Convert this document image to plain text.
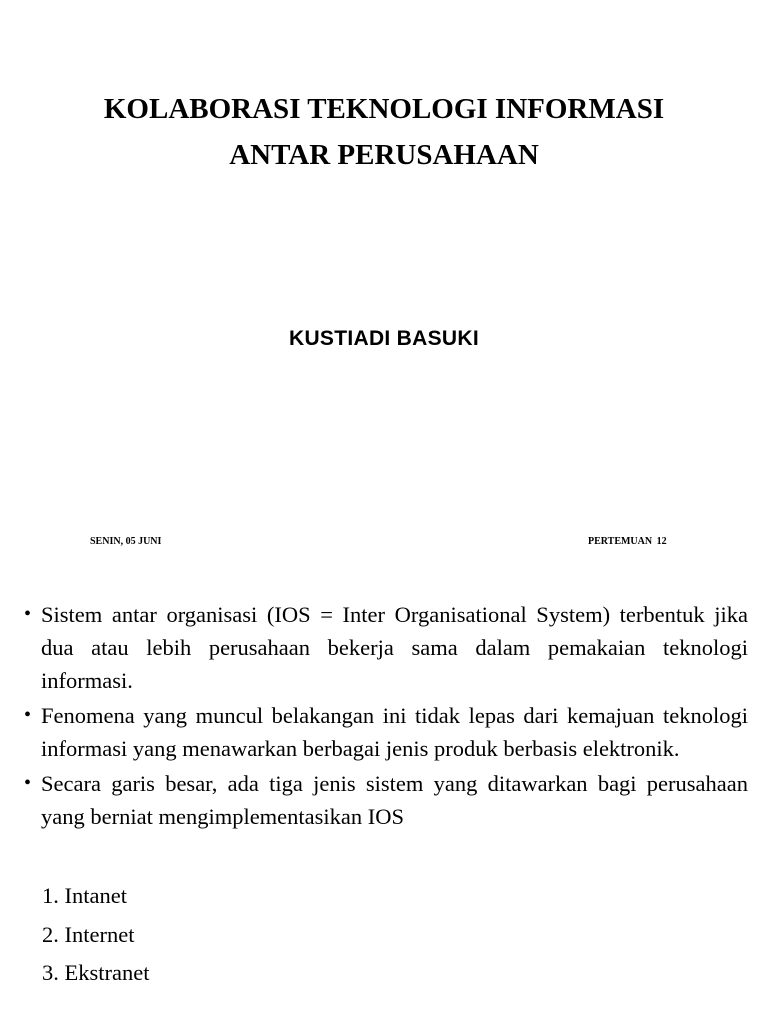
KOLABORASI TEKNOLOGI INFORMASI
ANTAR PERUSAHAAN
KUSTIADI BASUKI
SENIN, 05 JUNI	PERTEMUAN 12
• Sistem antar organisasi (IOS = Inter Organisational System) terbentuk jika dua atau lebih perusahaan bekerja sama dalam pemakaian teknologi informasi.
• Fenomena yang muncul belakangan ini tidak lepas dari kemajuan teknologi informasi yang menawarkan berbagai jenis produk berbasis elektronik.
• Secara garis besar, ada tiga jenis sistem yang ditawarkan bagi perusahaan yang berniat mengimplementasikan IOS
1. Intanet
2. Internet
3. Ekstranet
